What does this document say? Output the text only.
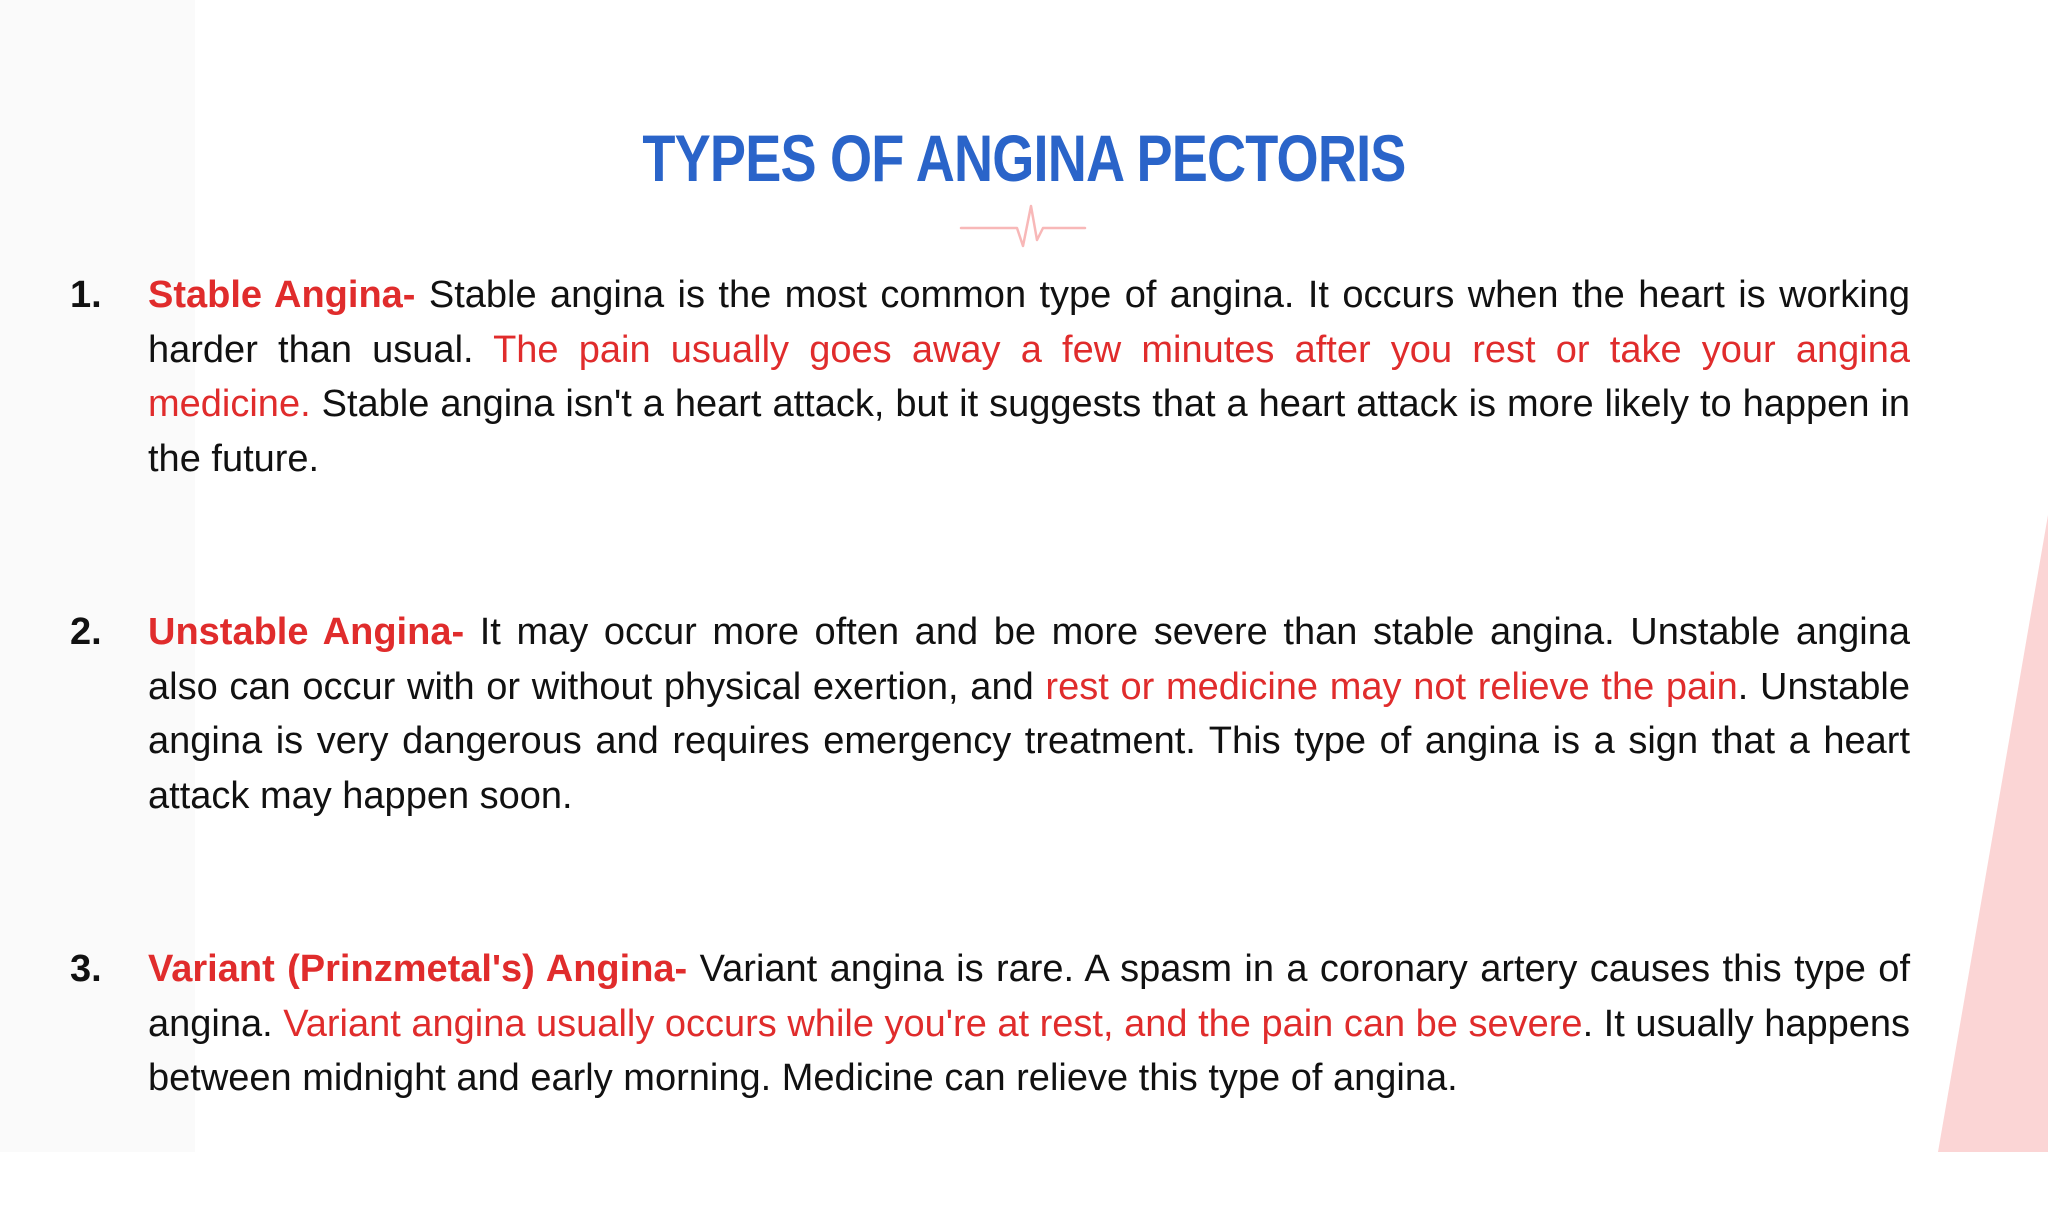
TYPES OF ANGINA PECTORIS
1. Stable Angina- Stable angina is the most common type of angina. It occurs when the heart is working harder than usual. The pain usually goes away a few minutes after you rest or take your angina medicine. Stable angina isn't a heart attack, but it suggests that a heart attack is more likely to happen in the future.

2. Unstable Angina- It may occur more often and be more severe than stable angina. Unstable angina also can occur with or without physical exertion, and rest or medicine may not relieve the pain. Unstable angina is very dangerous and requires emergency treatment. This type of angina is a sign that a heart attack may happen soon.

3. Variant (Prinzmetal's) Angina- Variant angina is rare. A spasm in a coronary artery causes this type of angina. Variant angina usually occurs while you're at rest, and the pain can be severe. It usually happens between midnight and early morning. Medicine can relieve this type of angina.
